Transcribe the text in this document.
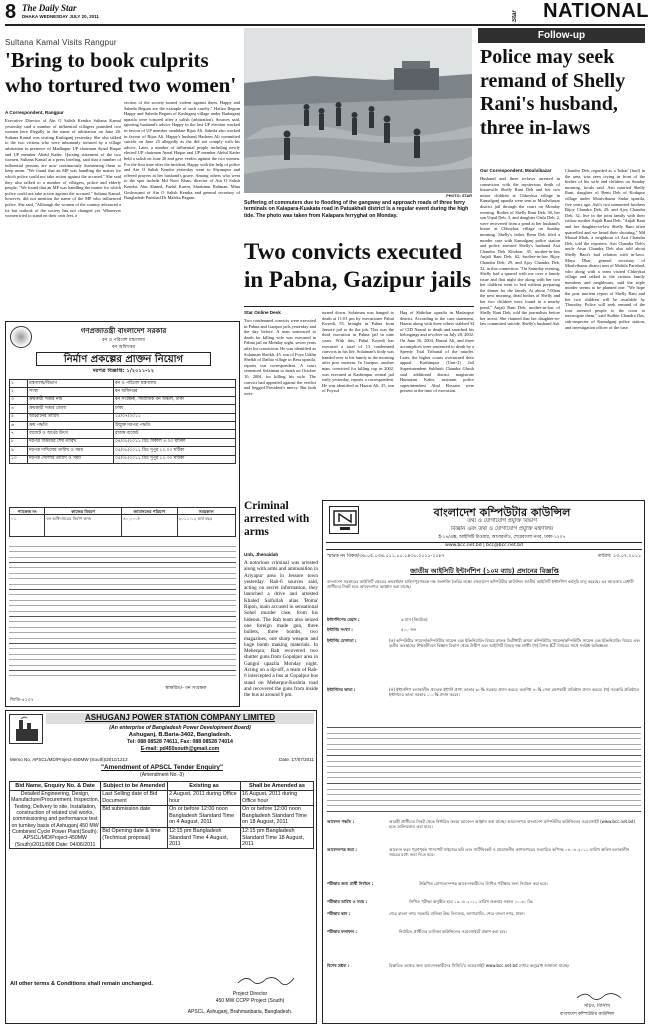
8 The Daily Star
DHAKA WEDNESDAY JULY 20, 2011	Star	NATIONAL
Sultana Kamal Visits Rangpur
'Bring to book culprits who tortured two women'
A Correspondent, Rangpur
Executive Director of Ain O Salish Kendra Sultana Kamal yesterday said a number of influential villagers punished two women here illegally in the name of arbitration on June 26. Sultana Kamal was visiting Kashiganj yesterday. She also talked to the two victims who were inhumanly tortured by a village arbitration in presence of Madhupur UP chairman Aynal Haque and UP member Abdul Kader. Quoting statement of the two women, Sultana Kamal at a press briefing, said that a number of influential persons are now continuously threatening them to keep mum. "We found that an MP was handling the matter for which police could not take action against the accused." She said they also talked to a number of villagers, police and elderly people. "We found that an MP was handling the matter for which police could not take action against the accused." Sultana Kamal, however, did not mention the name of the MP who influenced police. She said, "Although the women of the country advanced a lot but outlook of the society has not changed yet. Whenever women tried to stand on their own feet, a
section of the society turned violent against them, Happy and Saheda Begum are the example of such cruelty." Hafiza Begum Happy and Saheda Begum of Kashiganj village under Badarganj upazila were tortured after a salish (arbitration). Sources said, ignoring husband's advice Happy in the last UP election worked in favour of UP member candidate Bijas Ali. Saheda also worked in favour of Bijas Ali. Happy's husband Hashem Ali committed suicide on June 25 allegedly as the did not comply with his advice. Later, a number of influential people including newly elected UP chairman Aynal Haque and UP member Abdul Kader held a salish on June 26 and gave verdict against the two women. For the first time after the incident, Happy with the help of police and Ain O Salish Kendra yesterday went to Shyampur and offered prayers at her husband's grave. Among others who went to the spot include Md Noor Khan, director of Ain O Salish Kendra, Abu Ahmed, Fazlul Karim, Shashinur Rahman, Mina Goshswami of Ain O Salish Kendra and general secretary of Bangladesh Parishad Dr Maleka Begum.	PHOTO: STAR
Suffering of commuters due to flooding of the gangway and approach roads of three ferry terminals on Kalapara-Kuakata road in Patuakhali district is a regular event during the high tide. The photo was taken from Kalapara ferryghat on Monday.
Two convicts executed in Pabna, Gazipur jails
Star Online Desk
Two condemned convicts were executed in Pabna and Gazipur jails yesterday and the day before. A man sentenced to death for killing wife was executed in Pabna jail on Monday night, seven years after his conviction. He was identified as Solaiman Sheikh, 45, son of Foyz Uddin Sheikh of Dathia village in Bera upazila, reports our correspondent. A court sentenced Solaiman to death on October 10, 2004, for killing his wife. The convict had appealed against the verdict and begged President's mercy. But both were
turned down. Solaiman was hanged to death at 11:01 pm by executioner Pabul Koyedi, 55, brought in Pabna from Jessore jail to do the job. This was the third execution in Pabna jail in nine years. With this, Pabul Koyedi has executed a total of 13 condemned convicts in his life. Solaiman's body was handed over to his family in the morning after post mortem. In Gazipur, another man, convicted for killing cop in 2002, was executed at Kashimpur central jail early yesterday, reports a correspondent. He was identified as Hazrat Ali, 35, son of Foyzul
Haq of Shibchar upazila in Madaripur district. According to the case statement, Hazrat along with three others stabbed SI of CID Nazrul to death and snatched his belongings and revolver on July 28, 2002. On June 16, 2004, Hazrat Ali, and three accomplices were sentenced to death by a Speedy Trial Tribunal of the murder. Later, the higher courts overturned their appeal. Kashimpur (Unit-2) Jail Superintendent Subhash Chandra Ghosh said additional district magistrate Humayun Kabir, assistant police superintendent Abul Hossain were present at the time of execution.
Follow-up
Police may seek remand of Shelly Rani's husband, three in-laws
Our Correspondent, Moulvibazar
Husband and three in-laws arrested in connection with the mysterious death of housewife Shelly Rani Deb and her two minor children at Chhoykut village in Kamalganj upazila were sent to Moulvibazar district jail through the court on Monday evening. Bodies of Shelly Rani Deb, 30, her son Utpal Deb, 3, and daughter Oishi Deb, 2, were recovered from a pond at her husband's house at Chhoykut village on Sunday morning. Shelly's father Benu Deb filed a murder case with Kamalganj police station and police arrested Shelly's husband Asit Chandra Deb Khokon, 35, mother-in-law Anjali Rani Deb, 62, brother-in-law Bijoy Chandra Deb, 29, and Ajoy Chandra Deb, 32, in this connection. "On Saturday evening, Shelly had a quarrel with me over a family issue and that night she along with her two her children went to bed without preparing the dinner for the family. At about 7:00am the next morning, dead bodies of Shelly and her two children were found in a nearby pond," Anjali Rani Deb, mother-in-law of Shelly Rani Deb, told the journalists before her arrest. She claimed that her daughter-in-law committed suicide. Shelly's husband Asit
Chandra Deb, regarded as a 'bokai' (fool) in the area, was seen crying in front of the bodies of his wife and children on Sunday morning, locals said. Asit married Shelly Rani, daughter of Benu Deb of Kodupur village under Moulvibazar Sadar upazila, five years ago. Asit's two unmarried brothers Bijoy Chandra Deb, 29, and Ajoy Chandra Deb, 32, live in the joint family with their widow mother Anjali Rani Deb. "Anjali Rani and her daughter-in-law Shelly Rani often quarrelled and we heard their shouting," Md Masud Miah, a neighbour of Asit Chandra Deb, told the reporters. Asit Chandra Deb's uncle Arun Chandra Deb also told about Shelly Rani's bad relation with in-laws. Maya Dhar, general secretary of Moulvibazar district unit of Mohila Parishad, who along with a team visited Chhoykut village and talked to the victims family members and neighbours, said the triple murder seems to be planned one. "We hope the post mortem report of Shelly Rani and her two children will be available by Thursday. Police will seek remand of the four arrested people to the court to interrogate them," said Sudhin Chandra Das, sub-inspector of Kamalganj police station, and investigation officer of the case.
গণপ্রজাতন্ত্রী বাংলাদেশ সরকার
বন ও পরিবেশ মন্ত্রণালয়
বন অধিদপ্তর
নির্মাণ প্রকল্পের প্রাক্তন নিয়োগ
দরপত্র বিজ্ঞপ্তি: ১/২০১১-১২
১	মন্ত্রণালয়/বিভাগ	বন ও পরিবেশ মন্ত্রণালয়
২	সংস্থা	বন অধিদপ্তর
৩	ক্রয়কারী সত্তার নাম	বন সংরক্ষক, সামাজিক বন অঞ্চল, ঢাকা
৪	ক্রয়কারী সত্তার জেলা	ঢাকা
৫	আহ্বানের তারিখ	১৫/০৭/২০১১
৬	ক্রয় পদ্ধতি	উন্মুক্ত দরপত্র পদ্ধতি
৭	বাজেট ও অর্থের উৎস	রাজস্ব বাজেট
৮	দরপত্র বিক্রয়ের শেষ তারিখ	০৪/০৮/২০১১ খ্রিঃ বিকাল ৪.০০ ঘটিকা
৯	দরপত্র দাখিলের তারিখ ও সময়	০৫/০৮/২০১১ খ্রিঃ দুপুর ১২.০০ ঘটিকা
১০	দরপত্র খোলার তারিখ ও সময়	০৫/০৮/২০১১ খ্রিঃ দুপুর ১২.৩০ ঘটিকা
প্যাকেজ নং	কাজের বিবরণ	জামানতের পরিমাণ	সময়কাল
০১	বন অধিদপ্তরের নির্মাণ কাজ	৪০,০০০/-	২০১১-১২ অর্থ বছর
স্বাক্ষরিত/- বন সংরক্ষক
জিডি-৫১০৭
ASHUGANJ POWER STATION COMPANY LIMITED
(An enterprise of Bangladesh Power Development Board)
Ashuganj, B.Baria-3402, Bangladesh.
Tel: 088 08528 74611, Fax: 088 08528 74014
E-mail: pd450south@gmail.com
Memo No. APSCL/MD/Project-450MW (South)/2011/1213	Date: 17/07/2011
"Amendment of APSCL Tender Enquiry"
(Amendment No.-3)
Bid Name, Enquiry No. & Date	Subject to be Amended	Existing as	Shall be Amended as
Detailed Engineering, Design, Manufacture/Procurement, Inspection, Testing, Delivery to site, Installation, construction of related civil works, commissioning and performance test on turnkey basis of Ashuganj 450 MW Combined Cycle Power Plant(South). APSCL/MD/Project-450MW (South)/2011/808 Date: 04/06/2011	Last Selling date of Bid Document	2 August, 2011 during Office hour	16 August, 2011 during Office hour
	Bid submission date	On or before 12:00 noon Bangladesh Standard Time on 4 August, 2011	On or before 12:00 noon Bangladesh Standard Time on 18 August, 2011
	Bid Opening date & time (Technical proposal)	12:15 pm Bangladesh Standard Time 4 August, 2011	12:15 pm Bangladesh Standard Time 18 August, 2011
All other terms & Conditions shall remain unchanged.
Project Director
450 MW CCPP Project (South)
APSCL, Ashuganj, Brahmanbaria, Bangladesh.
Criminal arrested with arms
Unb, Jhenaidah
A notorious criminal was arrested along with arms and ammunition in Ariyapur area in Jessore town yesterday. Rab-6 sources said, acting on secret information, they launched a drive and arrested Khaled Saifullah alias 'Boma' Ripon, main accused in sensational Sohel murder case, from his hideout. The Rab team also seized one foreign made gun, three bullets, three bombs, two magazines, one sharp weapon and huge bomb making materials. In Meherpur, Rab recovered two shutter guns from Gopalpur area in Gangni upazila Monday night. Acting on a tip-off, a team of Rab-6 intercepted a bus at Gopalpur bus stand on Meherpur-Kushtia road and recovered the guns from inside the bus at around 9 pm.
বাংলাদেশ কম্পিউটার কাউন্সিল
তথ্য ও যোগাযোগ প্রযুক্তি বিভাগ
বিজ্ঞান এবং তথ্য ও যোগাযোগ প্রযুক্তি মন্ত্রণালয়
ই-১৪/এক্স, আইসিটি টাওয়ার, আগারগাঁও, শেরেবাংলা নগর, ঢাকা-১২০৭
www.bcc.net.bd | bcc@bcc.net.bd
স্মারক নং বিকক/৩৬.০৫.০৩৪.০১১.০০.১৪৩০.২০১১-২০৮৭	তারিখ: ১৩.০৭.২০১১
জাতীয় আইসিটি ইন্টার্নশিপ (১০ম ব্যাচ) প্রদানের বিজ্ঞপ্তি
বাংলাদেশ সরকারের আইসিটি ক্ষেত্রের ক্রমবর্ধমান চাহিদাপূরণকল্পে দক্ষ জনশক্তি তৈরির লক্ষ্যে বাংলাদেশ কম্পিউটার কাউন্সিল জাতীয় আইসিটি ইন্টার্নশিপ কর্মসূচি চালু করেছে। এর আওতায় মেধাবী প্রার্থীদের নিকট হতে আবেদনপত্র আহ্বান করা যাচ্ছে।
ইন্টার্নশিপের মেয়াদ :	৬ মাস (নিয়মিত)
ইন্টার্নির সংখ্যা :	৫০০ জন
ইন্টার্নির যোগ্যতা :	(ক) কম্পিউটার সায়েন্স/কম্পিউটার সায়েন্স এন্ড ইঞ্জিনিয়ারিং বিষয়ে স্নাতক ডিগ্রীধারী অথবা কম্পিউটার সায়েন্স/কম্পিউটিং সায়েন্স এন্ড ইঞ্জিনিয়ারিং বিষয়ে এবং তৃতীয় অবস্থানের শিক্ষাজীবনে বিজ্ঞান বিভাগ থেকে উত্তীর্ণ এবং আইসিটি বিষয়ে দক্ষ প্রার্থী। (খ) বিগত ICT বিষয়ের সাথে সংশ্লিষ্ট অভিজ্ঞতা।
ইন্টার্নিদের ভাতা :	(ক) ইন্টার্নশিপ চলাকালীন প্রত্যেক ইন্টার্নি প্রাপ্য ভাতার ৬০% সরকার প্রদান করবে। অবশিষ্ট ৪০% সেবা গ্রহণকারী প্রতিষ্ঠান প্রদান করবে। (খ) সরকারি প্রতিষ্ঠানে ইন্টার্নদের ভাতা সরকার ১০০% প্রদান করবে।
আবেদন পদ্ধতি :	আগ্রহী প্রার্থীদের নিকট থেকে নির্ধারিত ফরমে আবেদন আহ্বান করা যাচ্ছে। আবেদনপত্র বাংলাদেশ কম্পিউটার কাউন্সিলের ওয়েবসাইট (www.bcc.net.bd) হতে ডাউনলোড করা যাবে।
আবেদনপত্র জমা :	আবেদন ফরম পূরণপূর্বক পাসপোর্ট সাইজের ছবি এবং সার্টিফিকেট ও প্রয়োজনীয় কাগজপত্রের সত্যায়িত কপিসহ ০৪.০৮.২০১১ তারিখ অফিস চলাকালীন সময়ের মধ্যে জমা দিতে হবে।
পরীক্ষার জন্য প্রার্থী নির্বাচন :	উল্লিখিত যোগ্যতাসম্পন্ন আবেদনকারীদের লিখিত পরীক্ষার জন্য নির্বাচন করা হবে।
পরীক্ষার তারিখ ও সময় :	লিখিত পরীক্ষা অনুষ্ঠিত হবে ১৯.০৮.২০১১ তারিখ শুক্রবার সকাল ১০.৩০ মিঃ
পরীক্ষার স্থান :	শেরে বাংলা নগর সরকারি বালিকা উচ্চ বিদ্যালয়, আগারগাঁও, শেরে বাংলা নগর, ঢাকা।
পরীক্ষার ফলাফল :	নির্বাচিত প্রার্থীদের তালিকা কাউন্সিলের ওয়েবসাইটে প্রকাশ করা হবে।
বিশেষ দ্রষ্টব্য :	বিস্তারিত তথ্যের জন্য আবেদনকারীদের সিসিবি'র ওয়েবসাইট www.bcc.net.bd দেখার অনুরোধ জানানো যাচ্ছে।
সচিব, বিসিসি
বাংলাদেশ কম্পিউটার কাউন্সিল
